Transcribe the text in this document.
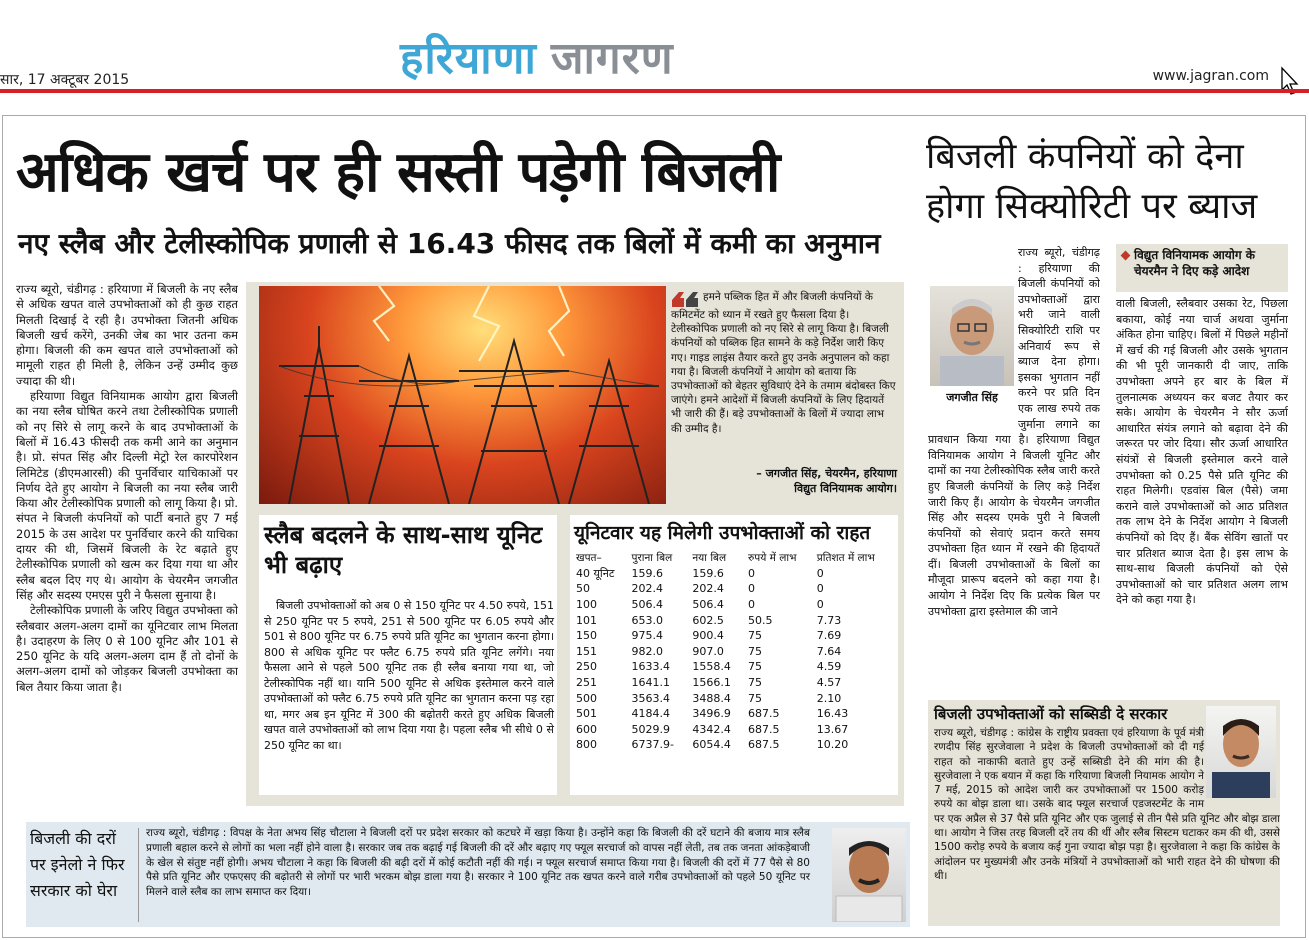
हरियाणा जागरण
सार, 17 अक्टूबर 2015	www.jagran.com
अधिक खर्च पर ही सस्ती पड़ेगी बिजली
नए स्लैब और टेलीस्कोपिक प्रणाली से 16.43 फीसद तक बिलों में कमी का अनुमान

राज्य ब्यूरो, चंडीगढ़ : हरियाणा में बिजली के नए स्लैब से अधिक खपत वाले उपभोक्ताओं को ही कुछ राहत मिलती दिखाई दे रही है। उपभोक्ता जितनी अधिक बिजली खर्च करेंगे, उनकी जेब का भार उतना कम होगा। बिजली की कम खपत वाले उपभोक्ताओं को मामूली राहत ही मिली है, लेकिन उन्हें उम्मीद कुछ ज्यादा की थी।

हरियाणा विद्युत विनियामक आयोग द्वारा बिजली का नया स्लैब घोषित करने तथा टेलीस्कोपिक प्रणाली को नए सिरे से लागू करने के बाद उपभोक्ताओं के बिलों में 16.43 फीसदी तक कमी आने का अनुमान है। प्रो. संपत सिंह और दिल्ली मेट्रो रेल कारपोरेशन लिमिटेड (डीएमआरसी) की पुनर्विचार याचिकाओं पर निर्णय देते हुए आयोग ने बिजली का नया स्लैब जारी किया और टेलीस्कोपिक प्रणाली को लागू किया है। प्रो. संपत ने बिजली कंपनियों को पार्टी बनाते हुए 7 मई 2015 के उस आदेश पर पुनर्विचार करने की याचिका दायर की थी, जिसमें बिजली के रेट बढ़ाते हुए टेलीस्कोपिक प्रणाली को खत्म कर दिया गया था और स्लैब बदल दिए गए थे। आयोग के चेयरमैन जगजीत सिंह और सदस्य एमएस पुरी ने फैसला सुनाया है।

टेलीस्कोपिक प्रणाली के जरिए विद्युत उपभोक्ता को स्लैबवार अलग-अलग दामों का यूनिटवार लाभ मिलता है। उदाहरण के लिए 0 से 100 यूनिट और 101 से 250 यूनिट के यदि अलग-अलग दाम हैं तो दोनों के अलग-अलग दामों को जोड़कर बिजली उपभोक्ता का बिल तैयार किया जाता है।

हमने पब्लिक हित में और बिजली कंपनियों के कमिटमेंट को ध्यान में रखते हुए फैसला दिया है। टेलीस्कोपिक प्रणाली को नए सिरे से लागू किया है। बिजली कंपनियों को पब्लिक हित सामने के कड़े निर्देश जारी किए गए। गाइड लाइंस तैयार करते हुए उनके अनुपालन को कहा गया है। बिजली कंपनियों ने आयोग को बताया कि उपभोक्ताओं को बेहतर सुविधाएं देने के तमाम बंदोबस्त किए जाएंगे। हमने आदेशों में बिजली कंपनियों के लिए हिदायतें भी जारी की हैं। बड़े उपभोक्ताओं के बिलों में ज्यादा लाभ की उम्मीद है।
– जगजीत सिंह, चेयरमैन, हरियाणा
विद्युत विनियामक आयोग।
स्लैब बदलने के साथ-साथ यूनिट भी बढ़ाए
बिजली उपभोक्ताओं को अब 0 से 150 यूनिट पर 4.50 रुपये, 151 से 250 यूनिट पर 5 रुपये, 251 से 500 यूनिट पर 6.05 रुपये और 501 से 800 यूनिट पर 6.75 रुपये प्रति यूनिट का भुगतान करना होगा। 800 से अधिक यूनिट पर फ्लैट 6.75 रुपये प्रति यूनिट लगेंगे। नया फैसला आने से पहले 500 यूनिट तक ही स्लैब बनाया गया था, जो टेलीस्कोपिक नहीं था। यानि 500 यूनिट से अधिक इस्तेमाल करने वाले उपभोक्ताओं को फ्लैट 6.75 रुपये प्रति यूनिट का भुगतान करना पड़ रहा था, मगर अब इन यूनिट में 300 की बढ़ोतरी करते हुए अधिक बिजली खपत वाले उपभोक्ताओं को लाभ दिया गया है। पहला स्लैब भी सीधे 0 से 250 यूनिट का था।
यूनिटवार यह मिलेगी उपभोक्ताओं को राहत
खपत–	पुराना बिल	नया बिल	रुपये में लाभ	प्रतिशत में लाभ
40 यूनिट	159.6	159.6	0	0
50	202.4	202.4	0	0
100	506.4	506.4	0	0
101	653.0	602.5	50.5	7.73
150	975.4	900.4	75	7.69
151	982.0	907.0	75	7.64
250	1633.4	1558.4	75	4.59
251	1641.1	1566.1	75	4.57
500	3563.4	3488.4	75	2.10
501	4184.4	3496.9	687.5	16.43
600	5029.9	4342.4	687.5	13.67
800	6737.9-	6054.4	687.5	10.20
बिजली कंपनियों को देना होगा सिक्योरिटी पर ब्याज
जगजीत सिंह
राज्य ब्यूरो, चंडीगढ़ : हरियाणा की बिजली कंपनियों को उपभोक्ताओं द्वारा भरी जाने वाली सिक्योरिटी राशि पर अनिवार्य रूप से ब्याज देना होगा। इसका भुगतान नहीं करने पर प्रति दिन एक लाख रुपये तक जुर्माना लगाने का प्रावधान किया गया है। हरियाणा विद्युत विनियामक आयोग ने बिजली यूनिट और दामों का नया टेलीस्कोपिक स्लैब जारी करते हुए बिजली कंपनियों के लिए कड़े निर्देश जारी किए हैं। आयोग के चेयरमैन जगजीत सिंह और सदस्य एमके पुरी ने बिजली कंपनियों को सेवाएं प्रदान करते समय उपभोक्ता हित ध्यान में रखने की हिदायतें दीं। बिजली उपभोक्ताओं के बिलों का मौजूदा प्रारूप बदलने को कहा गया है। आयोग ने निर्देश दिए कि प्रत्येक बिल पर उपभोक्ता द्वारा इस्तेमाल की जाने
विद्युत विनियामक आयोग के चेयरमैन ने दिए कड़े आदेश
वाली बिजली, स्लैबवार उसका रेट, पिछला बकाया, कोई नया चार्ज अथवा जुर्माना अंकित होना चाहिए। बिलों में पिछले महीनों में खर्च की गई बिजली और उसके भुगतान की भी पूरी जानकारी दी जाए, ताकि उपभोक्ता अपने हर बार के बिल में तुलनात्मक अध्ययन कर बजट तैयार कर सके। आयोग के चेयरमैन ने सौर ऊर्जा आधारित संयंत्र लगाने को बढ़ावा देने की जरूरत पर जोर दिया। सौर ऊर्जा आधारित संयंत्रों से बिजली इस्तेमाल करने वाले उपभोक्ता को 0.25 पैसे प्रति यूनिट की राहत मिलेगी। एडवांस बिल (पैसे) जमा कराने वाले उपभोक्ताओं को आठ प्रतिशत तक लाभ देने के निर्देश आयोग ने बिजली कंपनियों को दिए हैं। बैंक सेविंग खातों पर चार प्रतिशत ब्याज देता है। इस लाभ के साथ-साथ बिजली कंपनियों को ऐसे उपभोक्ताओं को चार प्रतिशत अलग लाभ देने को कहा गया है।
बिजली उपभोक्ताओं को सब्सिडी दे सरकार
राज्य ब्यूरो, चंडीगढ़ : कांग्रेस के राष्ट्रीय प्रवक्ता एवं हरियाणा के पूर्व मंत्री रणदीप सिंह सुरजेवाला ने प्रदेश के बिजली उपभोक्ताओं को दी गई राहत को नाकाफी बताते हुए उन्हें सब्सिडी देने की मांग की है। सुरजेवाला ने एक बयान में कहा कि गरियाणा बिजली नियामक आयोग ने 7 मई, 2015 को आदेश जारी कर उपभोक्ताओं पर 1500 करोड़ रुपये का बोझ डाला था। उसके बाद फ्यूल सरचार्ज एडजस्टमेंट के नाम पर एक अप्रैल से 37 पैसे प्रति यूनिट और एक जुलाई से तीन पैसे प्रति यूनिट और बोझ डाला था। आयोग ने जिस तरह बिजली दरें तय की थीं और स्लैब सिस्टम घटाकर कम की थी, उससे 1500 करोड़ रुपये के बजाय कई गुना ज्यादा बोझ पड़ा है। सुरजेवाला ने कहा कि कांग्रेस के आंदोलन पर मुख्यमंत्री और उनके मंत्रियों ने उपभोक्ताओं को भारी राहत देने की घोषणा की थी।
बिजली की दरों
पर इनेलो ने फिर
सरकार को घेरा
राज्य ब्यूरो, चंडीगढ़ : विपक्ष के नेता अभय सिंह चौटाला ने बिजली दरों पर प्रदेश सरकार को कटघरे में खड़ा किया है। उन्होंने कहा कि बिजली की दरें घटाने की बजाय मात्र स्लैब प्रणाली बहाल करने से लोगों का भला नहीं होने वाला है। सरकार जब तक बढ़ाई गई बिजली की दरें और बढ़ाए गए फ्यूल सरचार्ज को वापस नहीं लेती, तब तक जनता आंकड़ेबाजी के खेल से संतुष्ट नहीं होगी। अभय चौटाला ने कहा कि बिजली की बढ़ी दरों में कोई कटौती नहीं की गई। न फ्यूल सरचार्ज समाप्त किया गया है। बिजली की दरों में 77 पैसे से 80 पैसे प्रति यूनिट और एफएसए की बढ़ोतरी से लोगों पर भारी भरकम बोझ डाला गया है। सरकार ने 100 यूनिट तक खपत करने वाले गरीब उपभोक्ताओं को पहले 50 यूनिट पर मिलने वाले स्लैब का लाभ समाप्त कर दिया।
